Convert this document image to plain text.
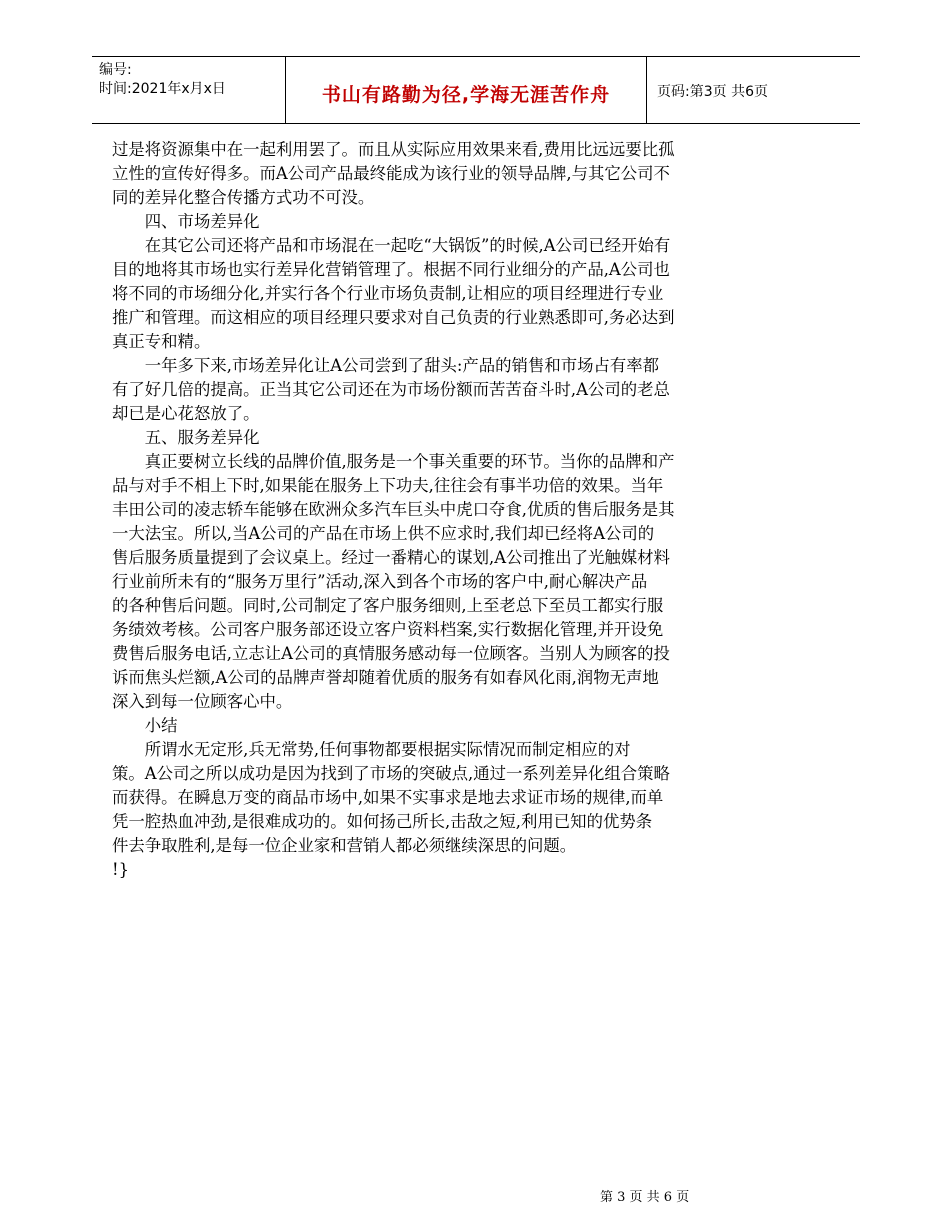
编号:
时间:2021年x月x日	书山有路勤为径,学海无涯苦作舟	页码:第3页 共6页
过是将资源集中在一起利用罢了。而且从实际应用效果来看,费用比远远要比孤
立性的宣传好得多。而A公司产品最终能成为该行业的领导品牌,与其它公司不
同的差异化整合传播方式功不可没。
　　四、市场差异化
　　在其它公司还将产品和市场混在一起吃“大锅饭”的时候,A公司已经开始有
目的地将其市场也实行差异化营销管理了。根据不同行业细分的产品,A公司也
将不同的市场细分化,并实行各个行业市场负责制,让相应的项目经理进行专业
推广和管理。而这相应的项目经理只要求对自己负责的行业熟悉即可,务必达到
真正专和精。
　　一年多下来,市场差异化让A公司尝到了甜头:产品的销售和市场占有率都
有了好几倍的提高。正当其它公司还在为市场份额而苦苦奋斗时,A公司的老总
却已是心花怒放了。
　　五、服务差异化
　　真正要树立长线的品牌价值,服务是一个事关重要的环节。当你的品牌和产
品与对手不相上下时,如果能在服务上下功夫,往往会有事半功倍的效果。当年
丰田公司的凌志轿车能够在欧洲众多汽车巨头中虎口夺食,优质的售后服务是其
一大法宝。所以,当A公司的产品在市场上供不应求时,我们却已经将A公司的
售后服务质量提到了会议桌上。经过一番精心的谋划,A公司推出了光触媒材料
行业前所未有的“服务万里行”活动,深入到各个市场的客户中,耐心解决产品
的各种售后问题。同时,公司制定了客户服务细则,上至老总下至员工都实行服
务绩效考核。公司客户服务部还设立客户资料档案,实行数据化管理,并开设免
费售后服务电话,立志让A公司的真情服务感动每一位顾客。当别人为顾客的投
诉而焦头烂额,A公司的品牌声誉却随着优质的服务有如春风化雨,润物无声地
深入到每一位顾客心中。
　　小结
　　所谓水无定形,兵无常势,任何事物都要根据实际情况而制定相应的对
策。A公司之所以成功是因为找到了市场的突破点,通过一系列差异化组合策略
而获得。在瞬息万变的商品市场中,如果不实事求是地去求证市场的规律,而单
凭一腔热血冲劲,是很难成功的。如何扬己所长,击敌之短,利用已知的优势条
件去争取胜利,是每一位企业家和营销人都必须继续深思的问题。
!}
第 3 页 共 6 页
